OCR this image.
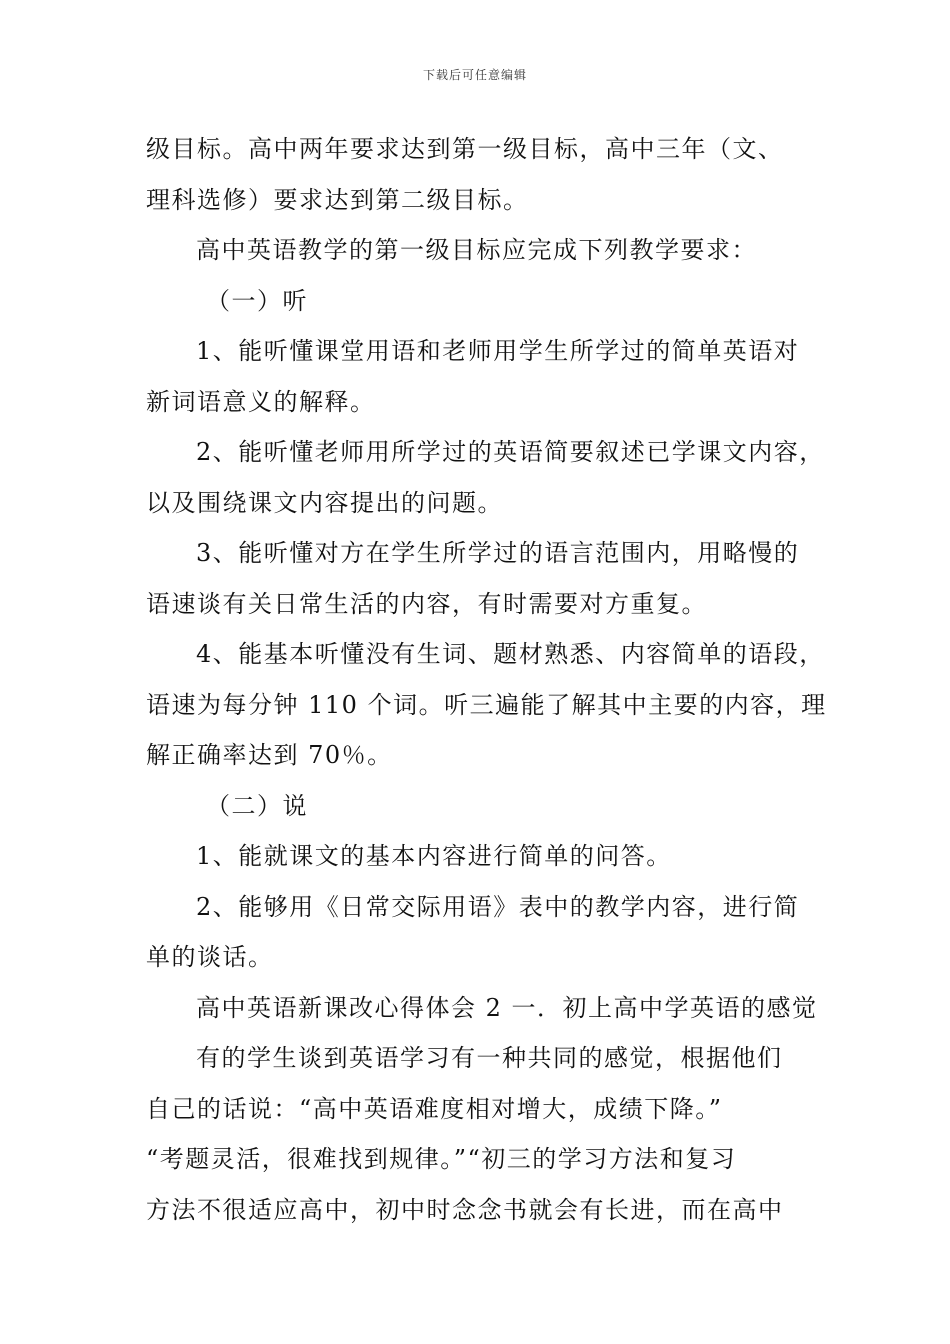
下载后可任意编辑
级目标。高中两年要求达到第一级目标，高中三年（文、
理科选修）要求达到第二级目标。
高中英语教学的第一级目标应完成下列教学要求：
（一）听
1、能听懂课堂用语和老师用学生所学过的简单英语对
新词语意义的解释。
2、能听懂老师用所学过的英语简要叙述已学课文内容，
以及围绕课文内容提出的问题。
3、能听懂对方在学生所学过的语言范围内，用略慢的
语速谈有关日常生活的内容，有时需要对方重复。
4、能基本听懂没有生词、题材熟悉、内容简单的语段，
语速为每分钟 110 个词。听三遍能了解其中主要的内容，理
解正确率达到 70％。
（二）说
1、能就课文的基本内容进行简单的问答。
2、能够用《日常交际用语》表中的教学内容，进行简
单的谈话。
高中英语新课改心得体会 2 一．初上高中学英语的感觉
有的学生谈到英语学习有一种共同的感觉，根据他们
自己的话说：“高中英语难度相对增大，成绩下降。”
“考题灵活，很难找到规律。”“初三的学习方法和复习
方法不很适应高中，初中时念念书就会有长进，而在高中
